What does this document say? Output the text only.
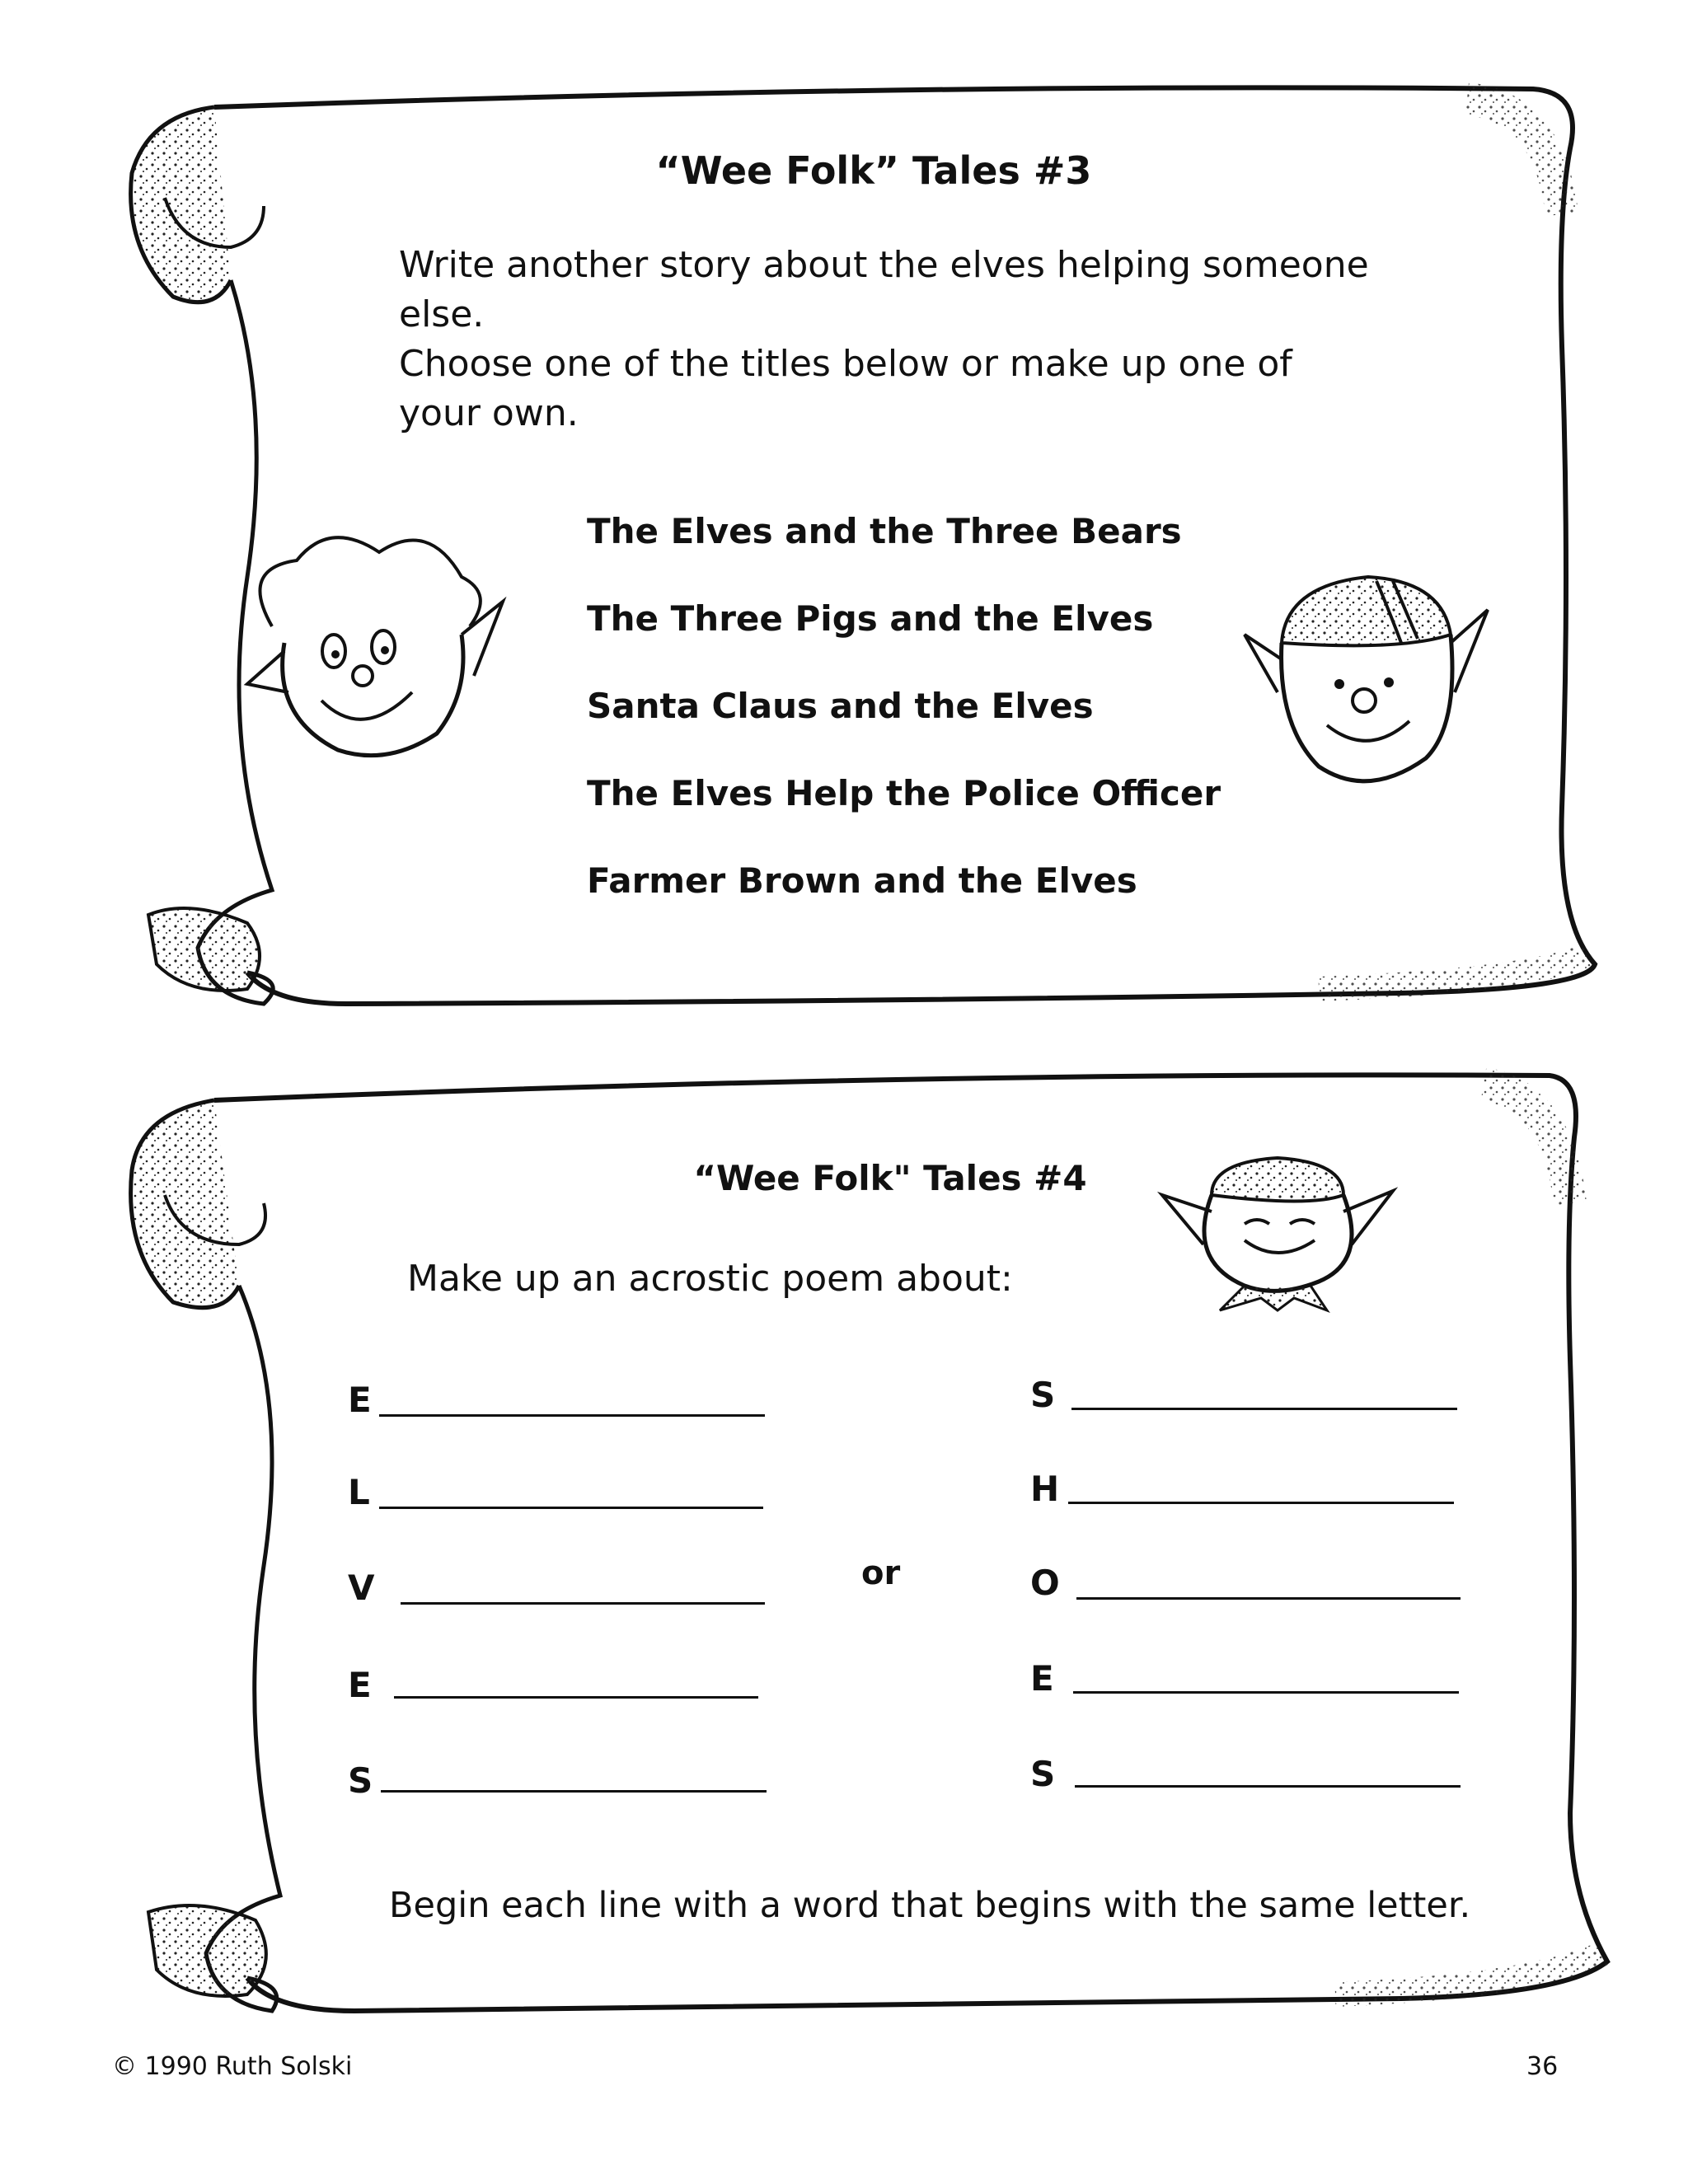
“Wee Folk” Tales #3
Write another story about the elves helping someone
else.
Choose one of the titles below or make up one of
your own.
The Elves and the Three Bears
The Three Pigs and the Elves
Santa Claus and the Elves
The Elves Help the Police Officer
Farmer Brown and the Elves
“Wee Folk" Tales #4
Make up an acrostic poem about:
E
L
V
E
S
or
S
H
O
E
S
Begin each line with a word that begins with the same letter.
© 1990 Ruth Solski	36
